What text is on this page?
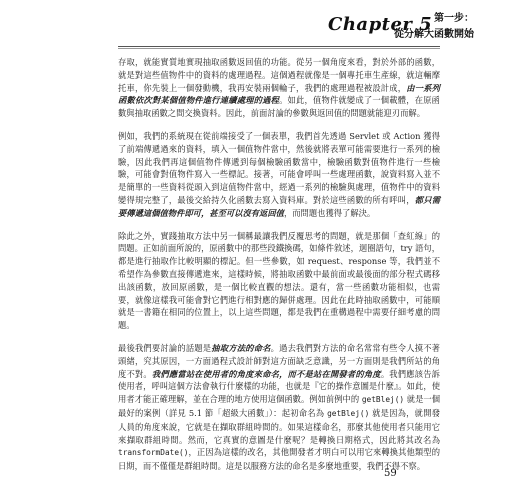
Chapter 5 第一步：
從分解大函數開始

存取，就能實質地實現抽取函數返回值的功能。從另一個角度來看，對於外部的函數，就是對這些值物件中的資料的處理過程。這個過程就像是一個專托車生產線，就這輛摩托車，你先裝上一個發動機，我再安裝兩個輪子，我們的處理過程被設計成，由一系列函數依次對某個值物件進行連續處理的過程。如此，值物件就變成了一個載體，在原函數與抽取函數之間交換資料。因此，前面討論的參數與返回值的問題就能迎刃而解。

例如，我們的系統現在從前端接受了一個表單，我們首先透過 Servlet 或 Action 獲得了前端傳遞過來的資料，填入一個值物件當中，然後就將表單可能需要進行一系列的檢驗，因此我們再這個值物件傳遞到每個檢驗函數當中，檢驗函數對值物件進行一些檢驗，可能會對值物件寫入一些標記。接著，可能會呼叫一些處理函數，說資料寫入並不是簡單的一些資料從頭入到這值物件當中，經過一系列的檢驗與處理，值物件中的資料變得規完整了，最後交給持久化函數去寫入資料庫。對於這些函數的所有呼叫，都只需要傳遞這個值物件即可，甚至可以沒有返回值，而問題也獲得了解決。

除此之外，實踐抽取方法中另一個稱最讓我們反覆思考的問題，就是那個「查紅線」的問題。正如前面所說的，原函數中的那些段鐵換碼，如條件敘述，迴圈語句，try 語句，都是進行抽取作比較明顯的標記。但一些參數，如 request、response 等，我們並不希望作為參數直接傳遞進來，這樣時候，將抽取函數中最前面或最後面的部分程式碼移出該函數，放回原函數，是一個比較直觀的想法。還有，當一些函數功能相似，也需要，就像這樣我可能會對它們進行相對應的歸併處理。因此在此時抽取函數中，可能順就是一書籍在相同的位置上，以上這些問題，都是我們在重構過程中需要仔細考慮的問題。

最後我們要討論的話題是抽取方法的命名。過去我們對方法的命名常常有些令人摸不著頭緒，究其原因，一方面過程式設計師對這方面缺乏意識，另一方面則是我們所站的角度不對。我們應當站在使用者的角度來命名，而不是站在開發者的角度。我們應該告訴使用者，呼叫這個方法會執行什麼樣的功能，也就是『它的操作意圖是什麼』。如此，使用者才能正確理解，並在合理的地方使用這個函數。例如前例中的 getBlej() 就是一個最好的案例（詳見 5.1 節「超級大函數」）：起初命名為 getBlej() 就是因為，就開發人員的角度來說，它就是在擷取群組時間的。如果這樣命名，那麼其他使用者只能用它來擷取群組時間。然而，它真實的意圖是什麼呢？是轉換日期格式，因此將其改名為 transformDate()，正因為這樣的改名，其他開發者才明白可以用它來轉換其他類型的日期，而不僅僅是群組時間。這是以服務方法的命名是多麼地重要，我們不得不察。

59
